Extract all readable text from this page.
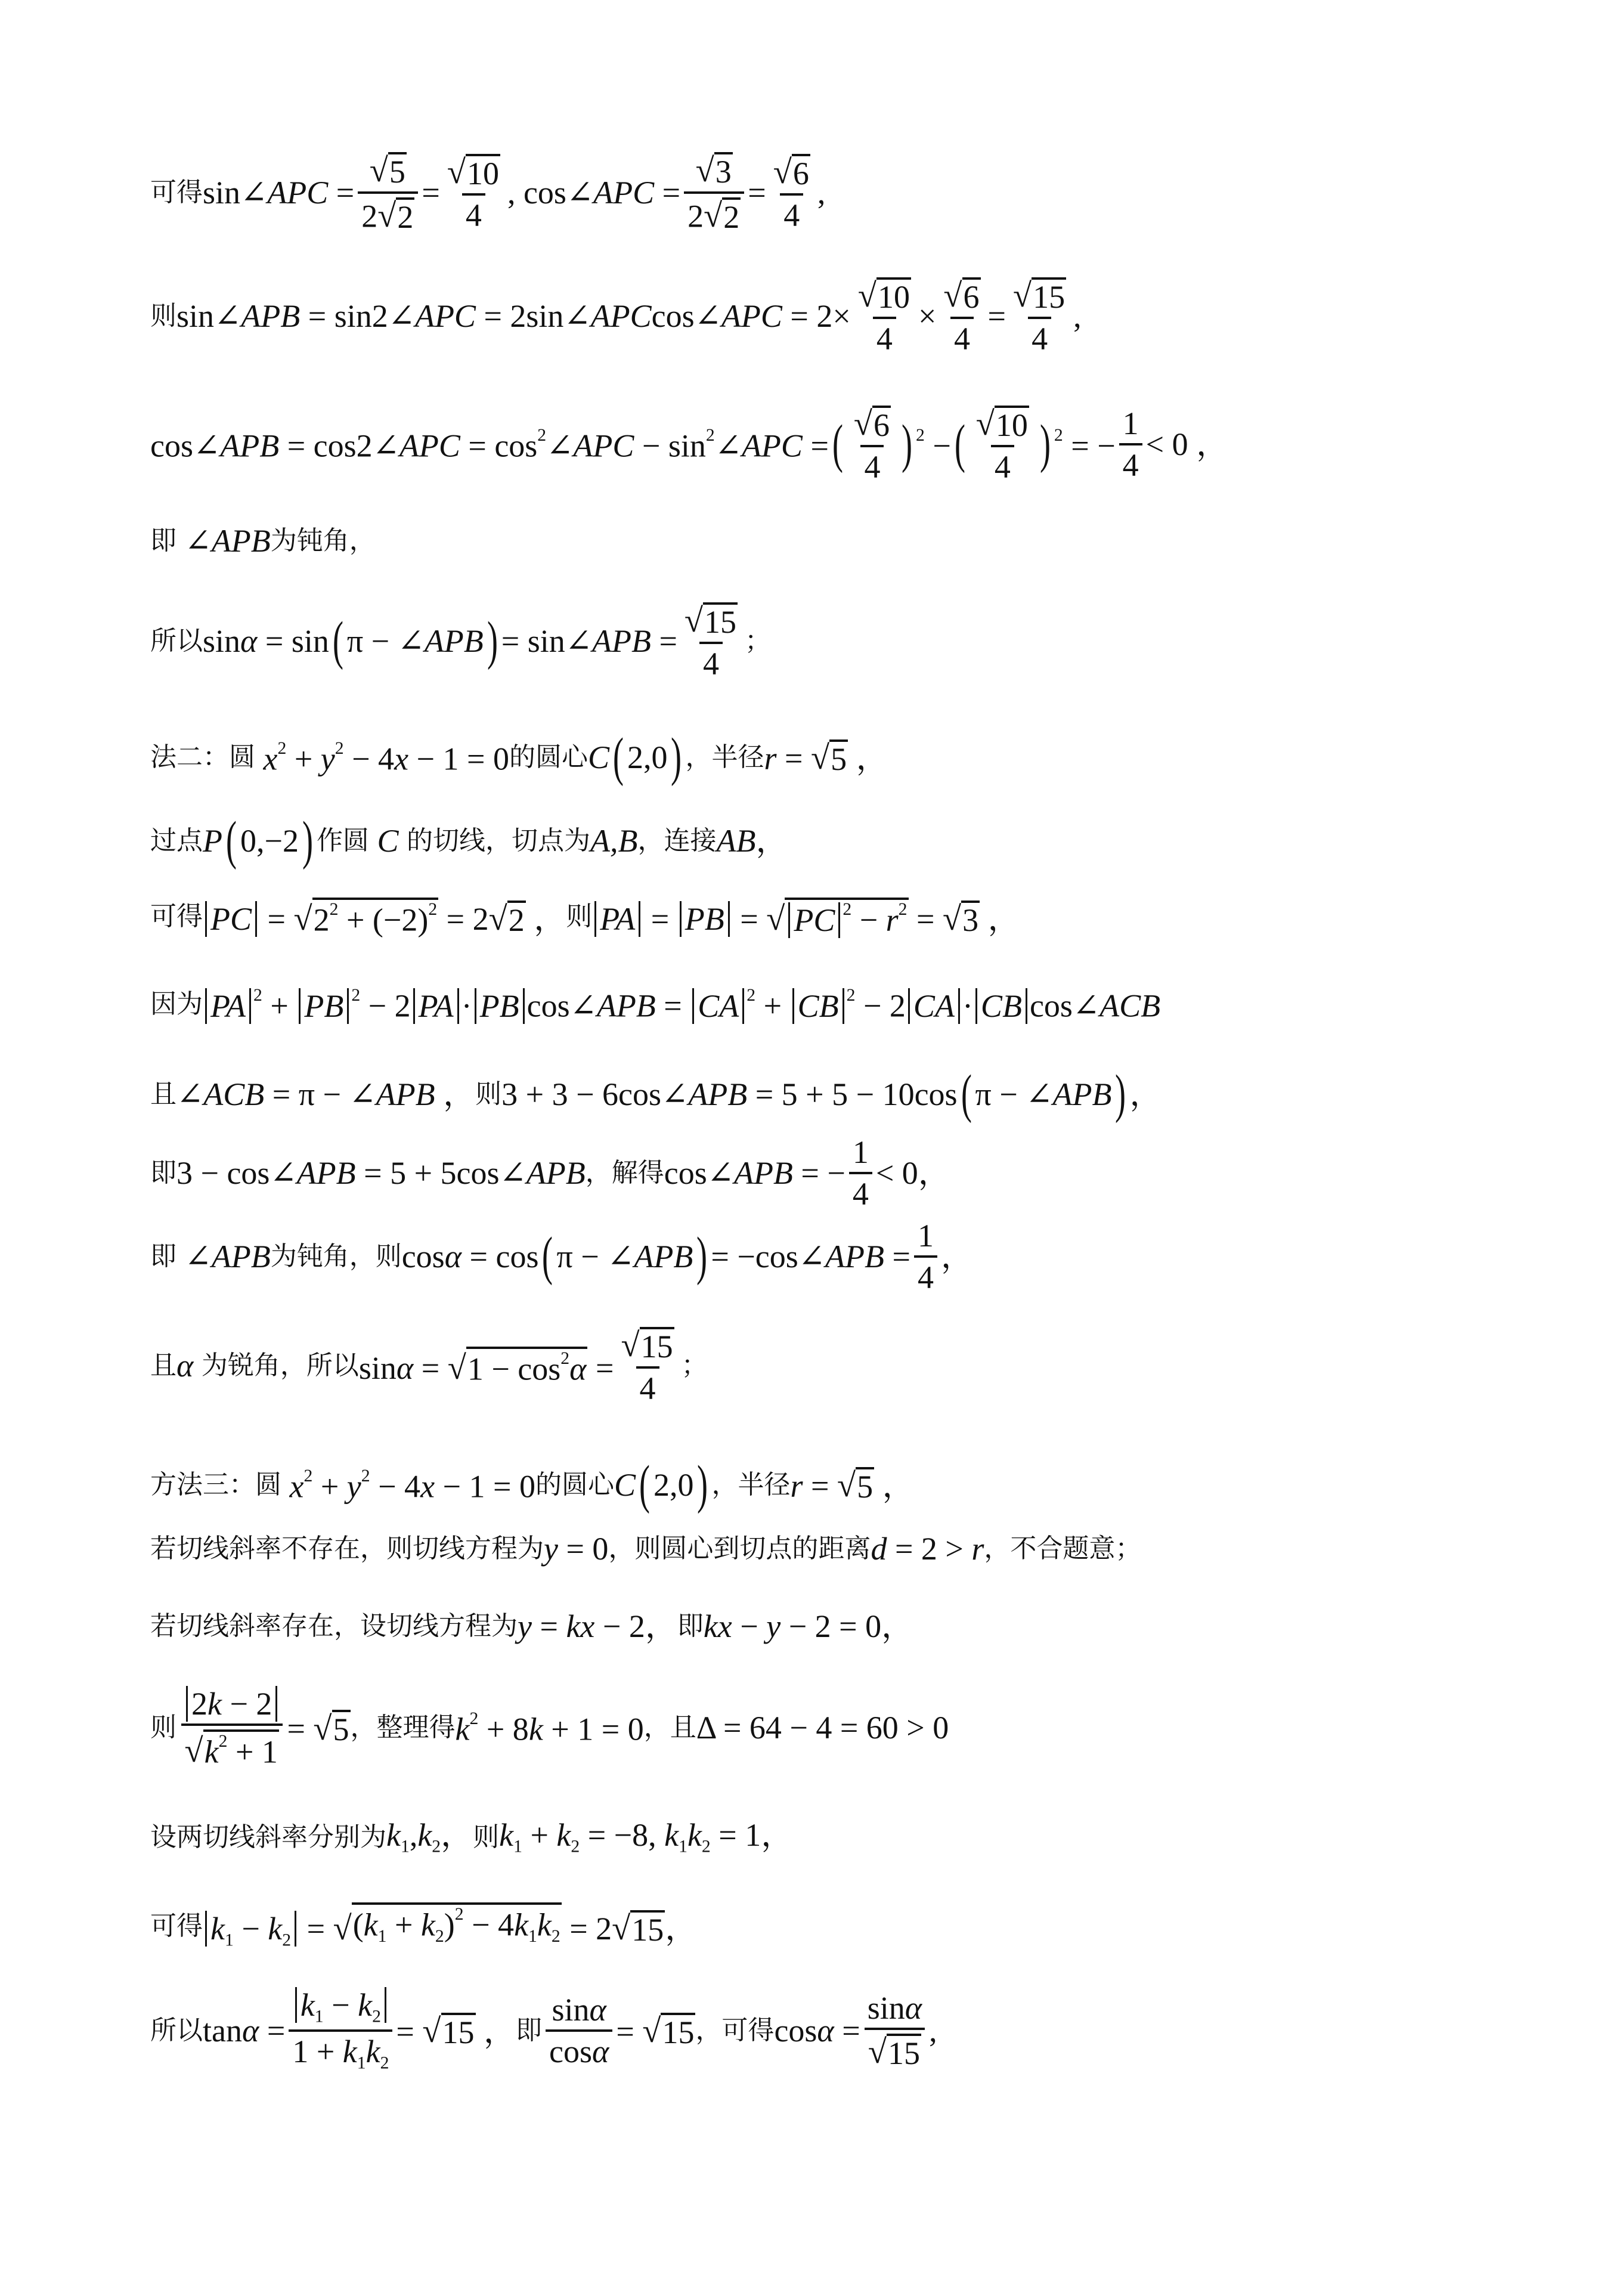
可得 sin∠APC = $\frac{√ 5}{2 √ 2} = \frac{√ 10}{4}$ , cos∠APC = $\frac{√ 3}{2 √ 2} = \frac{√ 6}{4}$ ,
则 sin∠APB = sin2∠APC = 2sin∠APCcos∠APC = $2\times \frac{√ 10}{4} \times \frac{√ 6}{4} = \frac{√ 15}{4}$ ,
cos∠APB = cos2∠APC = $\cos^2\angle APC$ − $\sin^2\angle APC$ = ( $\frac{√ 6}{4}$ ) $^2$ − ( $\frac{√ 10}{4}$ ) $^2$ = − $\frac{1}{4} < 0$ ，
即 ∠APB 为钝角，
所以 sinα = sin ( π − ∠APB ) = sin∠APB = $\frac{√ 15}{4}$ ；
法二： 圆 $x^2 + y^2 - 4x - 1 = 0$ 的圆心 C ( 2,0 ) ，半径 r = √ 5 ，
过点 P ( 0,−2 ) 作圆 C 的切线，切点为 A,B ，连接 AB ，
可得 PC = √ $2^2 + (-2)^2 = 2$ √ 2 ， 则 PA = PB = √ PC $^2 - r^2$ = √ 3 ，
因为 PA $^2$ + PB $^2$ − 2 PA · PB cos∠APB = CA $^2$ + CB $^2$ − 2 CA · CB cos∠ACB
且 ∠ACB = π − ∠APB ， 则 3 + 3 − 6cos∠APB = 5 + 5 − 10cos ( π − ∠APB ) ，
即 3 − cos∠APB = 5 + 5cos∠APB ，解得 cos∠APB = − $\frac{1}{4} < 0$，
即 ∠APB 为钝角， 则 cosα = cos ( π − ∠APB ) = −cos∠APB = $\frac{1}{4}$ ，
且 α 为锐角，所以 sinα = √ $1 - \cos^2\alpha = \frac{√ 15}{4}$ ；
方法三： 圆 $x^2 + y^2 - 4x - 1 = 0$ 的圆心 C ( 2,0 ) ，半径 r = √ 5 ，
若切线斜率不存在，则切线方程为 y = 0 ，则圆心到切点的距离 d = 2 > r ，不合题意；
若切线斜率存在，设切线方程为 y = kx − 2， 即 kx − y − 2 = 0，
则 $\frac{2k - 2}{√ k^2 + 1}$ = √ 5 ，整理得 $k^2 + 8k + 1 = 0$ ，且 Δ = 64 − 4 = 60 > 0
设两切线斜率分别为 $k_1,k_2$， 则 $k_1 + k_2 = -8$, $k_1k_2 = 1$，
可得 $k_1 - k_2$ = √ $(k_1 + k_2)^2 - 4k_1k_2 = 2$ √ 15 ，
所以 $\tan\alpha = \frac{k_1 - k_2}{1 + k_1k_2}$ = √ 15 ， 即 $\frac{\sin\alpha}{\cos\alpha}$ = √ 15 ，可得 $\cos\alpha = \frac{\sin\alpha}{√ 15}$ ,
